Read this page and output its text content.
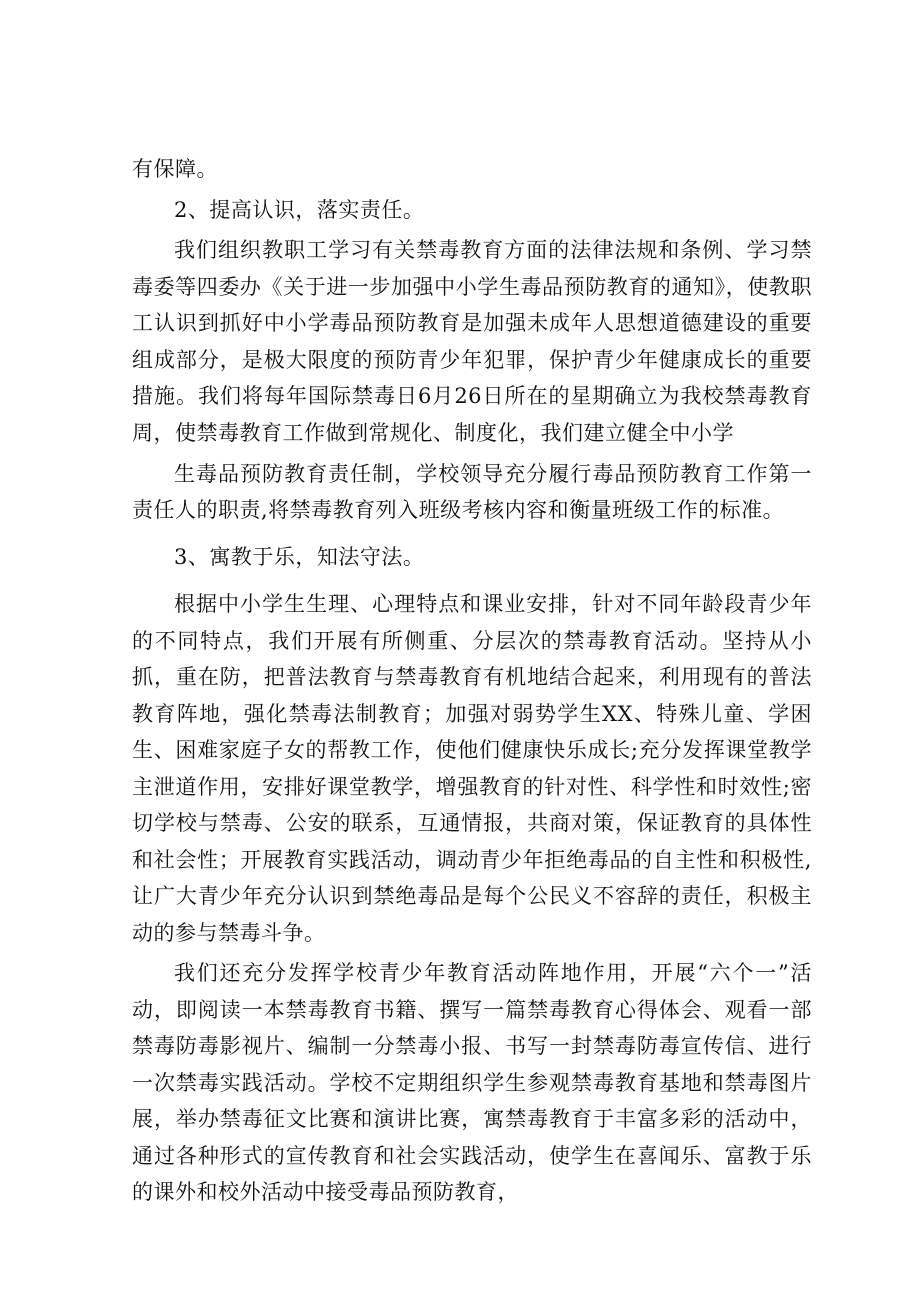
有保障。

2、提高认识，落实责任。

我们组织教职工学习有关禁毒教育方面的法律法规和条例、学习禁毒委等四委办《关于进一步加强中小学生毒品预防教育的通知》，使教职工认识到抓好中小学毒品预防教育是加强未成年人思想道德建设的重要组成部分，是极大限度的预防青少年犯罪，保护青少年健康成长的重要措施。我们将每年国际禁毒日6月26日所在的星期确立为我校禁毒教育周，使禁毒教育工作做到常规化、制度化，我们建立健全中小学

生毒品预防教育责任制，学校领导充分履行毒品预防教育工作第一责任人的职责,将禁毒教育列入班级考核内容和衡量班级工作的标准。

3、寓教于乐，知法守法。

根据中小学生生理、心理特点和课业安排，针对不同年龄段青少年的不同特点，我们开展有所侧重、分层次的禁毒教育活动。坚持从小抓，重在防，把普法教育与禁毒教育有机地结合起来，利用现有的普法教育阵地，强化禁毒法制教育；加强对弱势学生XX、特殊儿童、学困生、困难家庭子女的帮教工作，使他们健康快乐成长;充分发挥课堂教学主泄道作用，安排好课堂教学，增强教育的针对性、科学性和时效性;密切学校与禁毒、公安的联系，互通情报，共商对策，保证教育的具体性和社会性；开展教育实践活动，调动青少年拒绝毒品的自主性和积极性,让广大青少年充分认识到禁绝毒品是每个公民义不容辞的责任，积极主动的参与禁毒斗争。

我们还充分发挥学校青少年教育活动阵地作用，开展“六个一”活动，即阅读一本禁毒教育书籍、撰写一篇禁毒教育心得体会、观看一部禁毒防毒影视片、编制一分禁毒小报、书写一封禁毒防毒宣传信、进行一次禁毒实践活动。学校不定期组织学生参观禁毒教育基地和禁毒图片展，举办禁毒征文比赛和演讲比赛，寓禁毒教育于丰富多彩的活动中，通过各种形式的宣传教育和社会实践活动，使学生在喜闻乐、富教于乐的课外和校外活动中接受毒品预防教育，
